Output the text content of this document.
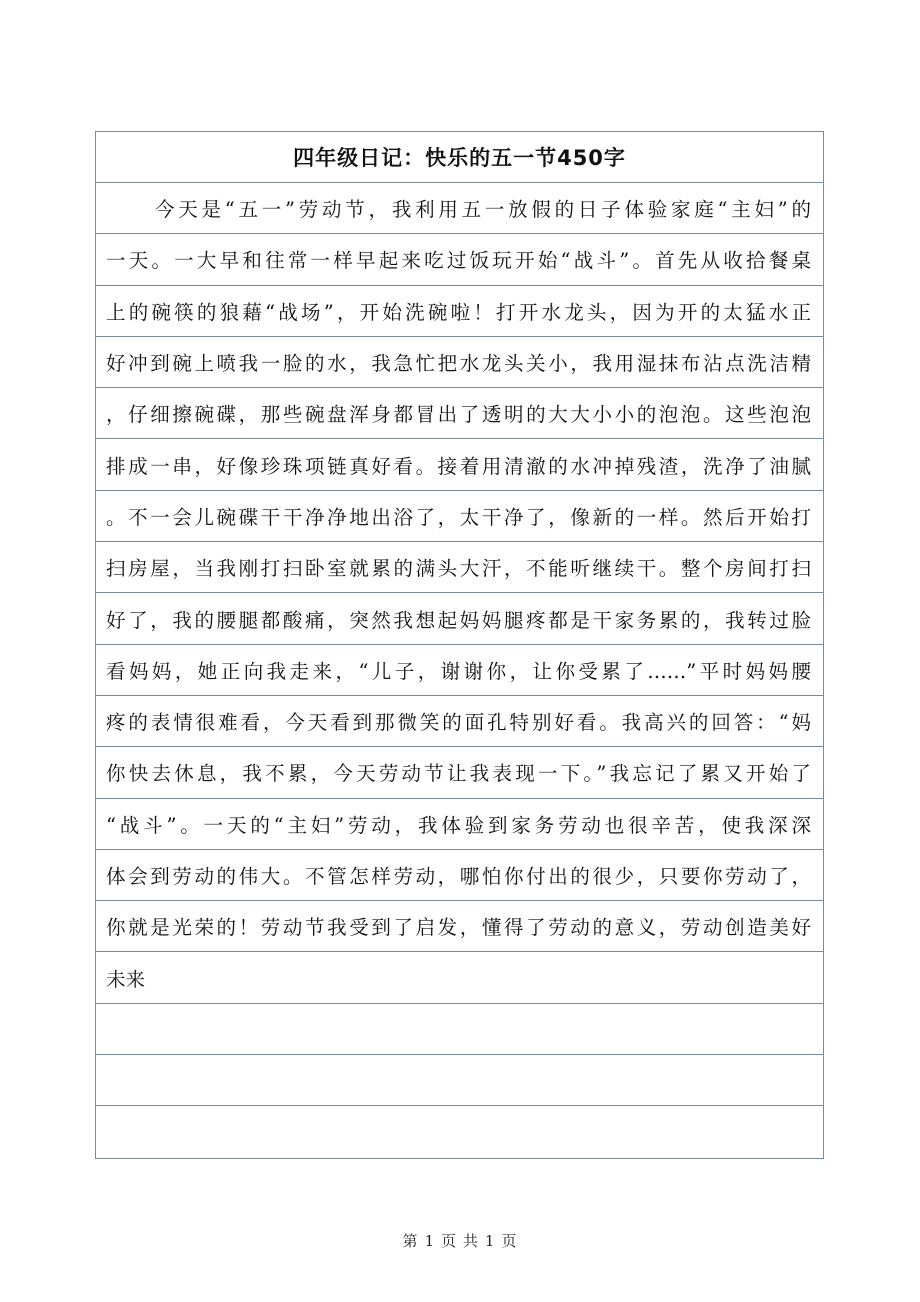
四年级日记：快乐的五一节450字
今天是“五一”劳动节，我利用五一放假的日子体验家庭“主妇”的
一天。一大早和往常一样早起来吃过饭玩开始“战斗”。首先从收拾餐桌
上的碗筷的狼藉“战场”，开始洗碗啦！打开水龙头，因为开的太猛水正
好冲到碗上喷我一脸的水，我急忙把水龙头关小，我用湿抹布沾点洗洁精
，仔细擦碗碟，那些碗盘浑身都冒出了透明的大大小小的泡泡。这些泡泡
排成一串，好像珍珠项链真好看。接着用清澈的水冲掉残渣，洗净了油腻
。不一会儿碗碟干干净净地出浴了，太干净了，像新的一样。然后开始打
扫房屋，当我刚打扫卧室就累的满头大汗，不能听继续干。整个房间打扫
好了，我的腰腿都酸痛，突然我想起妈妈腿疼都是干家务累的，我转过脸
看妈妈，她正向我走来，“儿子，谢谢你，让你受累了……”平时妈妈腰
疼的表情很难看，今天看到那微笑的面孔特别好看。我高兴的回答：“妈
你快去休息，我不累，今天劳动节让我表现一下。”我忘记了累又开始了
“战斗”。一天的“主妇”劳动，我体验到家务劳动也很辛苦，使我深深
体会到劳动的伟大。不管怎样劳动，哪怕你付出的很少，只要你劳动了，
你就是光荣的！劳动节我受到了启发，懂得了劳动的意义，劳动创造美好
未来
第 1 页 共 1 页
